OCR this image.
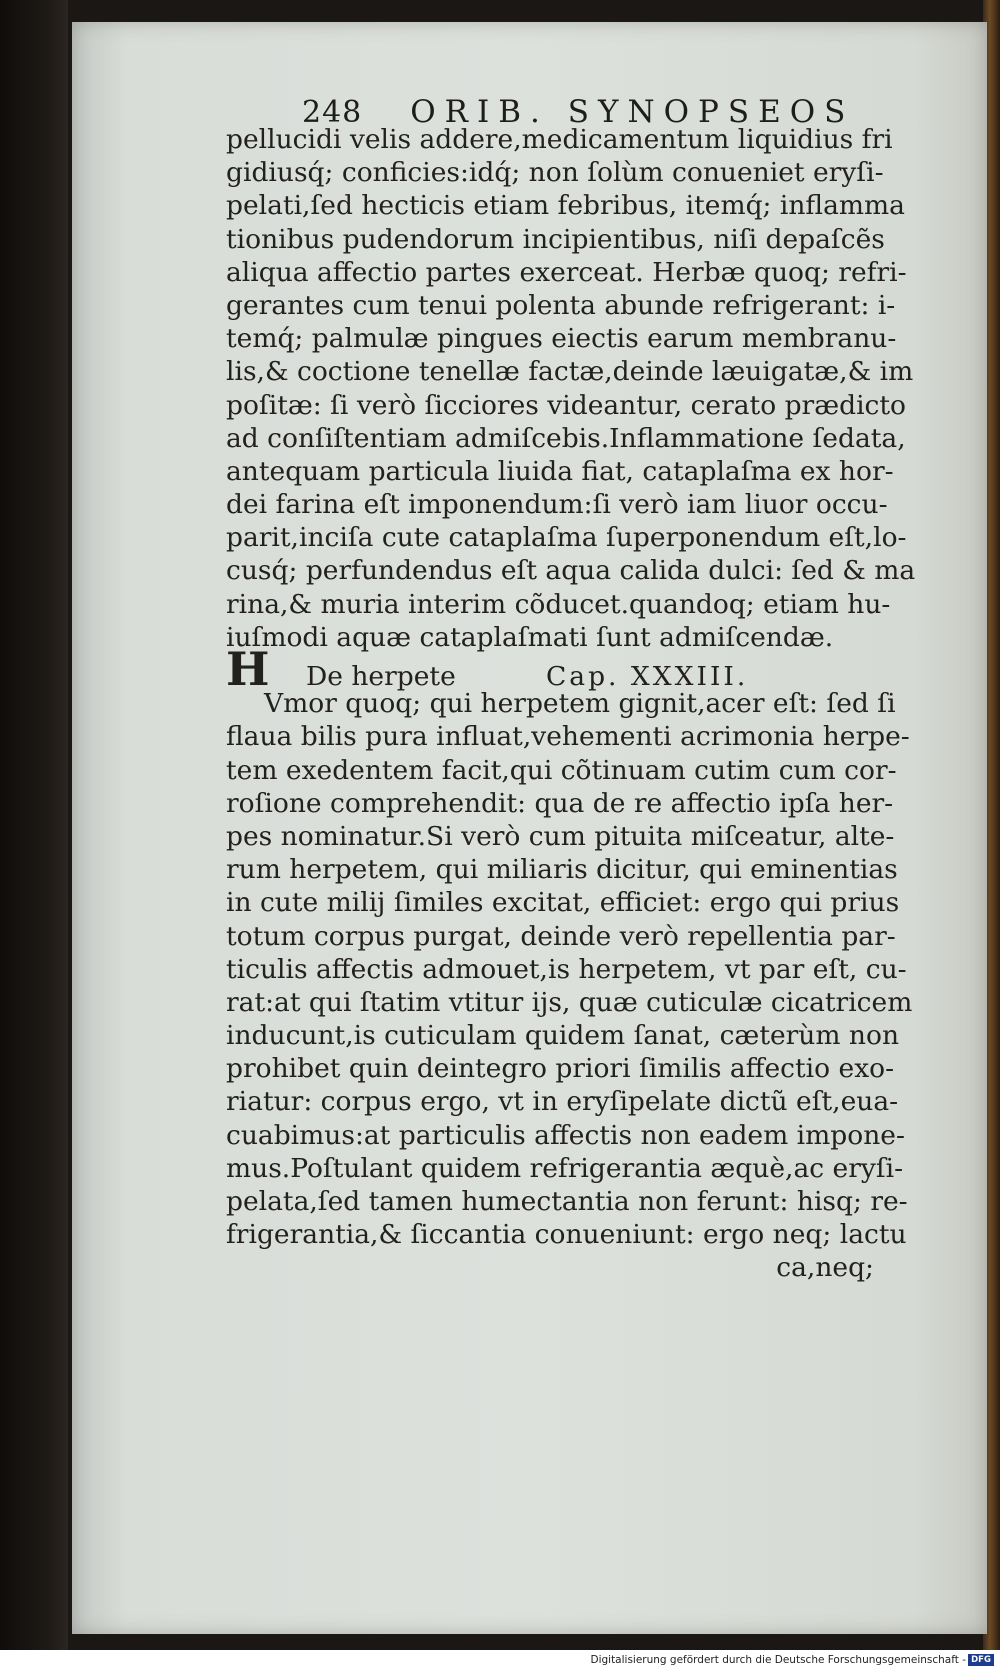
248 ORIB. SYNOPSEOS
pellucidi velis addere,medicamentum liquidius fri
gidiusq́; conficies:idq́; non ſolùm conueniet eryſi-
pelati,ſed hecticis etiam febribus, itemq́; inflamma
tionibus pudendorum incipientibus, niſi depaſcẽs
aliqua affectio partes exerceat. Herbæ quoq; refri-
gerantes cum tenui polenta abunde refrigerant: i-
temq́; palmulæ pingues eiectis earum membranu-
lis,& coctione tenellæ factæ,deinde læuigatæ,& im
poſitæ: ſi verò ſicciores videantur, cerato prædicto
ad conſiſtentiam admiſcebis.Inflammatione ſedata,
antequam particula liuida fiat, cataplaſma ex hor-
dei farina eſt imponendum:ſi verò iam liuor occu-
parit,inciſa cute cataplaſma ſuperponendum eſt,lo-
cusq́; perfundendus eſt aqua calida dulci: ſed & ma
rina,& muria interim cõducet.quandoq; etiam hu-
iuſmodi aquæ cataplaſmati ſunt admiſcendæ.
H De herpete	Cap. XXXIII.
Vmor quoq; qui herpetem gignit,acer eſt: ſed ſi
flaua bilis pura influat,vehementi acrimonia herpe-
tem exedentem facit,qui cõtinuam cutim cum cor-
roſione comprehendit: qua de re affectio ipſa her-
pes nominatur.Si verò cum pituita miſceatur, alte-
rum herpetem, qui miliaris dicitur, qui eminentias
in cute milij ſimiles excitat, efficiet: ergo qui prius
totum corpus purgat, deinde verò repellentia par-
ticulis affectis admouet,is herpetem, vt par eſt, cu-
rat:at qui ſtatim vtitur ijs, quæ cuticulæ cicatricem
inducunt,is cuticulam quidem ſanat, cæterùm non
prohibet quin deintegro priori ſimilis affectio exo-
riatur: corpus ergo, vt in eryſipelate dictũ eſt,eua-
cuabimus:at particulis affectis non eadem impone-
mus.Poſtulant quidem refrigerantia æquè,ac eryſi-
pelata,ſed tamen humectantia non ferunt: hisq; re-
frigerantia,& ſiccantia conueniunt: ergo neq; lactu
ca,neq;
Digitalisierung gefördert durch die Deutsche Forschungsgemeinschaft - DFG
